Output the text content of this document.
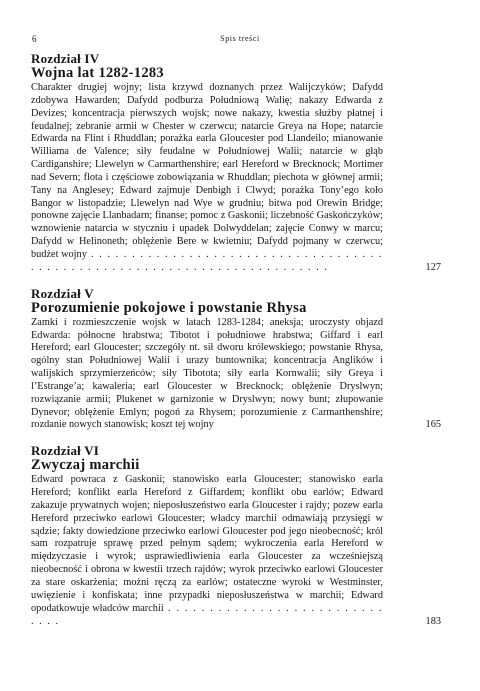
6	Spis treści
Rozdział IV
Wojna lat 1282-1283

Charakter drugiej wojny; lista krzywd doznanych przez Walijczyków; Dafydd zdobywa Hawarden; Dafydd podburza Południową Walię; nakazy Edwarda z Devizes; koncentracja pierwszych wojsk; nowe nakazy, kwestia służby płatnej i feudalnej; zebranie armii w Chester w czerwcu; natarcie Greya na Hope; natarcie Edwarda na Flint i Rhuddlan; porażka earla Gloucester pod Llandeilo; mianowanie Williama de Valence; siły feudalne w Południowej Walii; natarcie w głąb Cardiganshire; Llewelyn w Carmarthenshire; earl Hereford w Brecknock; Mortimer nad Severn; flota i częściowe zobowiązania w Rhuddlan; piechota w głównej armii; Tany na Anglesey; Edward zajmuje Denbigh i Clwyd; porażka Tony’ego koło Bangor w listopadzie; Llewelyn nad Wye w grudniu; bitwa pod Orewin Bridge; ponowne zajęcie Llanbadarn; finanse; pomoc z Gaskonii; liczebność Gaskończyków; wznowienie natarcia w styczniu i upadek Dolwyddelan; zajęcie Conwy w marcu; Dafydd w Helinoneth; oblężenie Bere w kwietniu; Dafydd pojmany w czerwcu; budżet wojny . . . . . . . . . . . . . . . . . . . . . . . . . . . . . . . . . . . . . . . . . . . . . . . . . . . . . . . . . . . . . . . . . . . . . . . . .	127
Rozdział V
Porozumienie pokojowe i powstanie Rhysa

Zamki i rozmieszczenie wojsk w latach 1283-1284; aneksja; uroczysty objazd Edwarda: północne hrabstwa; Tibotot i południowe hrabstwa; Giffard i earl Hereford; earl Gloucester; szczegóły nt. sił dworu królewskiego; powstanie Rhysa, ogólny stan Południowej Walii i urazy buntownika; koncentracja Anglików i walijskich sprzymierzeńców; siły Tibotota; siły earla Kornwalii; siły Greya i l’Estrange’a; kawaleria; earl Gloucester w Brecknock; oblężenie Dryslwyn; rozwiązanie armii; Plukenet w garnizonie w Dryslwyn; nowy bunt; złupowanie Dynevor; oblężenie Emlyn; pogoń za Rhysem; porozumienie z Carmarthenshire; rozdanie nowych stanowisk; koszt tej wojny	165
Rozdział VI
Zwyczaj marchii

Edward powraca z Gaskonii; stanowisko earla Gloucester; stanowisko earla Hereford; konflikt earla Hereford z Giffardem; konflikt obu earlów; Edward zakazuje prywatnych wojen; nieposłuszeństwo earla Gloucester i rajdy; pozew earla Hereford przeciwko earlowi Gloucester; władcy marchii odmawiają przysięgi w sądzie; fakty dowiedzione przeciwko earlowi Gloucester pod jego nieobecność; król sam rozpatruje sprawę przed pełnym sądem; wykroczenia earla Hereford w międzyczasie i wyrok; usprawiedliwienia earla Gloucester za wcześniejszą nieobecność i obrona w kwestii trzech rajdów; wyrok przeciwko earlowi Gloucester za stare oskarżenia; możni ręczą za earlów; ostateczne wyroki w Westminster, uwięzienie i konfiskata; inne przypadki nieposłuszeństwa w marchii; Edward opodatkowuje władców marchii . . . . . . . . . . . . . . . . . . . . . . . . . . . . . .	183
